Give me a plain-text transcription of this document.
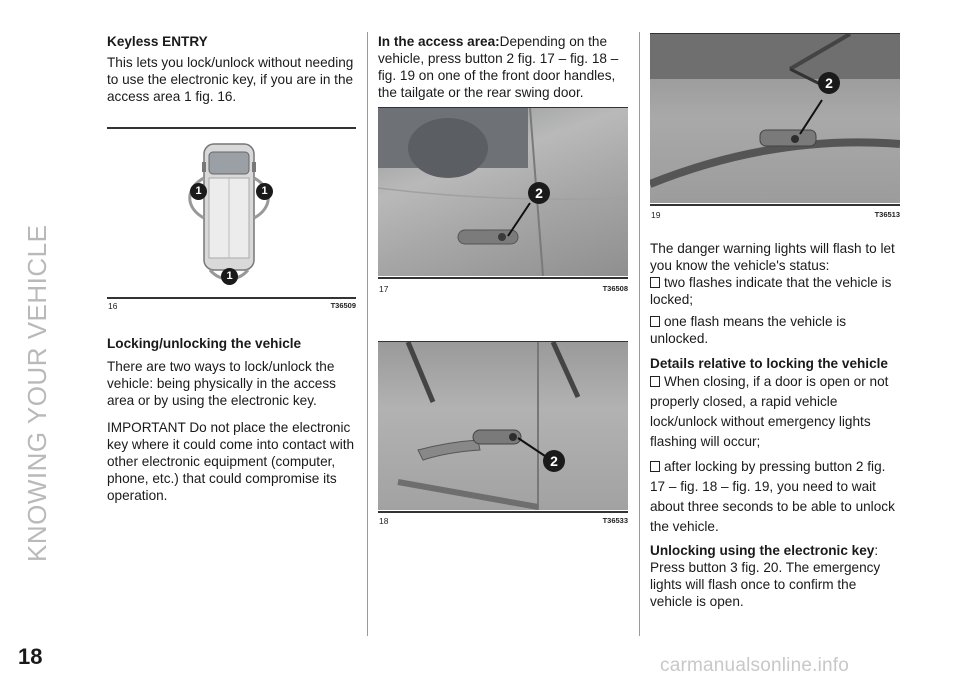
KNOWING YOUR VEHICLE
Keyless ENTRY

This lets you lock/unlock without needing to use the electronic key, if you are in the access area 1 fig. 16.

1	1
1
16	T36509
Locking/unlocking the vehicle

There are two ways to lock/unlock the vehicle: being physically in the access area or by using the electronic key.

IMPORTANT Do not place the electronic key where it could come into contact with other electronic equipment (computer, phone, etc.) that could compromise its operation.

In the access area:Depending on the vehicle, press button 2 fig. 17 – fig. 18 – fig. 19 on one of the front door handles, the tailgate or the rear swing door.

2
17	T36508
2
18	T36533
2
19	T36513
The danger warning lights will flash to let you know the vehicle's status:
two flashes indicate that the vehicle is locked;
one flash means the vehicle is unlocked.
Details relative to locking the vehicle
When closing, if a door is open or not properly closed, a rapid vehicle lock/unlock without emergency lights flashing will occur;
after locking by pressing button 2 fig. 17 – fig. 18 – fig. 19, you need to wait about three seconds to be able to unlock the vehicle.
Unlocking using the electronic key: Press button 3 fig. 20. The emergency lights will flash once to confirm the vehicle is open.
18	carmanualsonline.info
